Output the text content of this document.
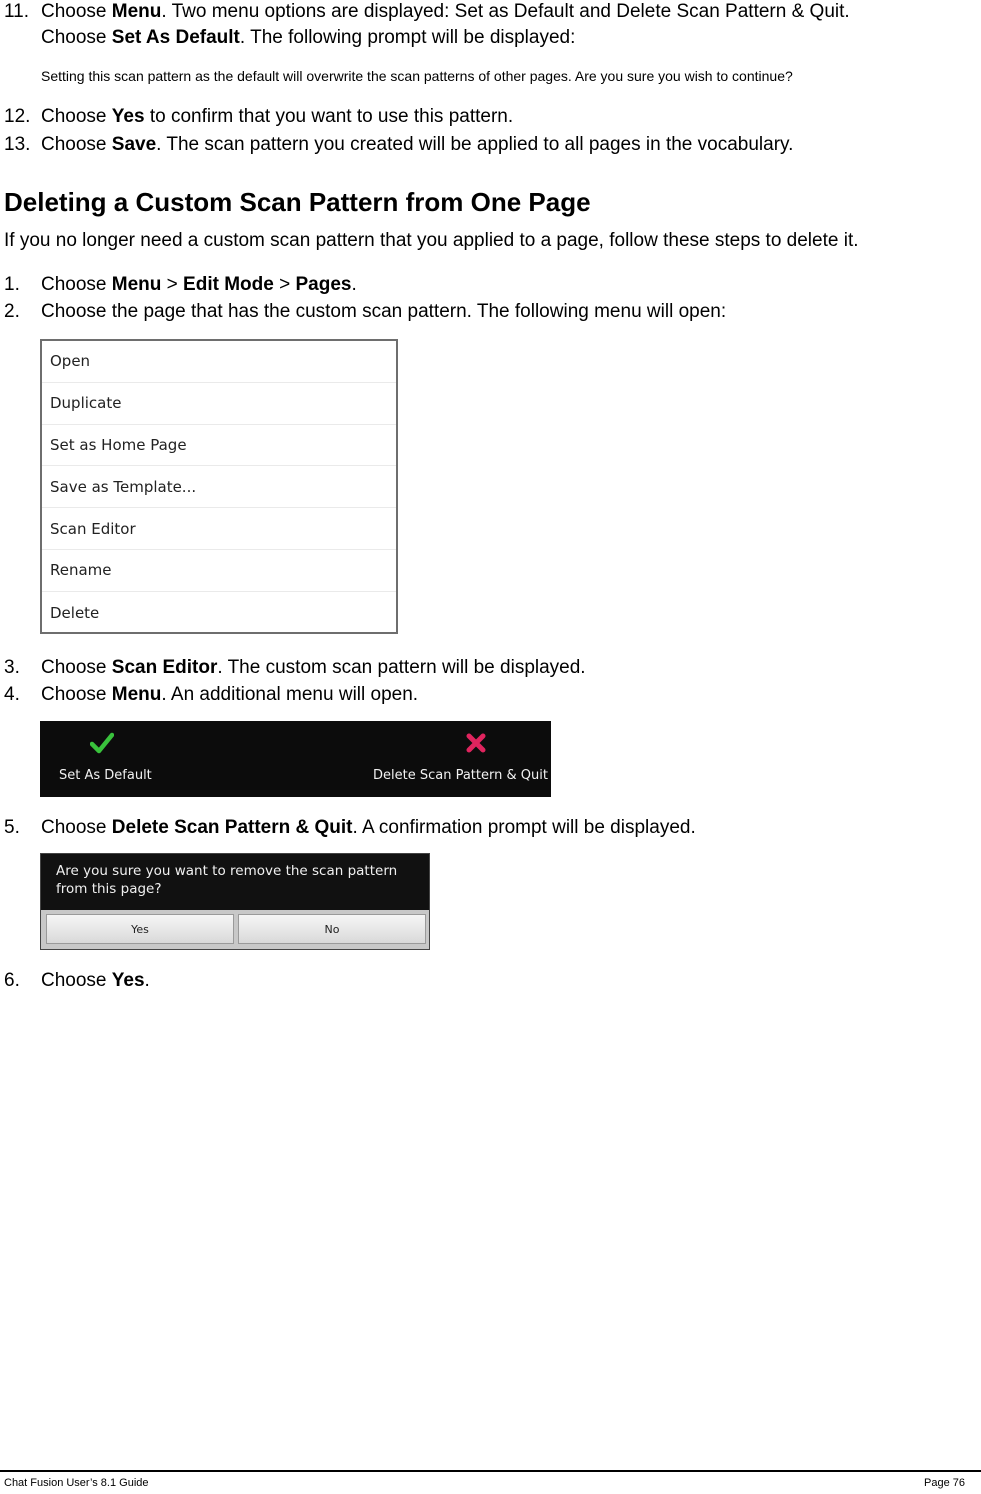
11. Choose Menu. Two menu options are displayed: Set as Default and Delete Scan Pattern & Quit.
Choose Set As Default. The following prompt will be displayed:
Setting this scan pattern as the default will overwrite the scan patterns of other pages. Are you sure you wish to continue?
12. Choose Yes to confirm that you want to use this pattern.
13. Choose Save. The scan pattern you created will be applied to all pages in the vocabulary.
Deleting a Custom Scan Pattern from One Page
If you no longer need a custom scan pattern that you applied to a page, follow these steps to delete it.
1. Choose Menu > Edit Mode > Pages.
2. Choose the page that has the custom scan pattern. The following menu will open:
Open
Duplicate
Set as Home Page
Save as Template...
Scan Editor
Rename
Delete
3. Choose Scan Editor. The custom scan pattern will be displayed.
4. Choose Menu. An additional menu will open.
Set As Default	Delete Scan Pattern & Quit
5. Choose Delete Scan Pattern & Quit. A confirmation prompt will be displayed.
Are you sure you want to remove the scan pattern from this page?
Yes	No
6. Choose Yes.
Chat Fusion User’s 8.1 Guide	Page 76
